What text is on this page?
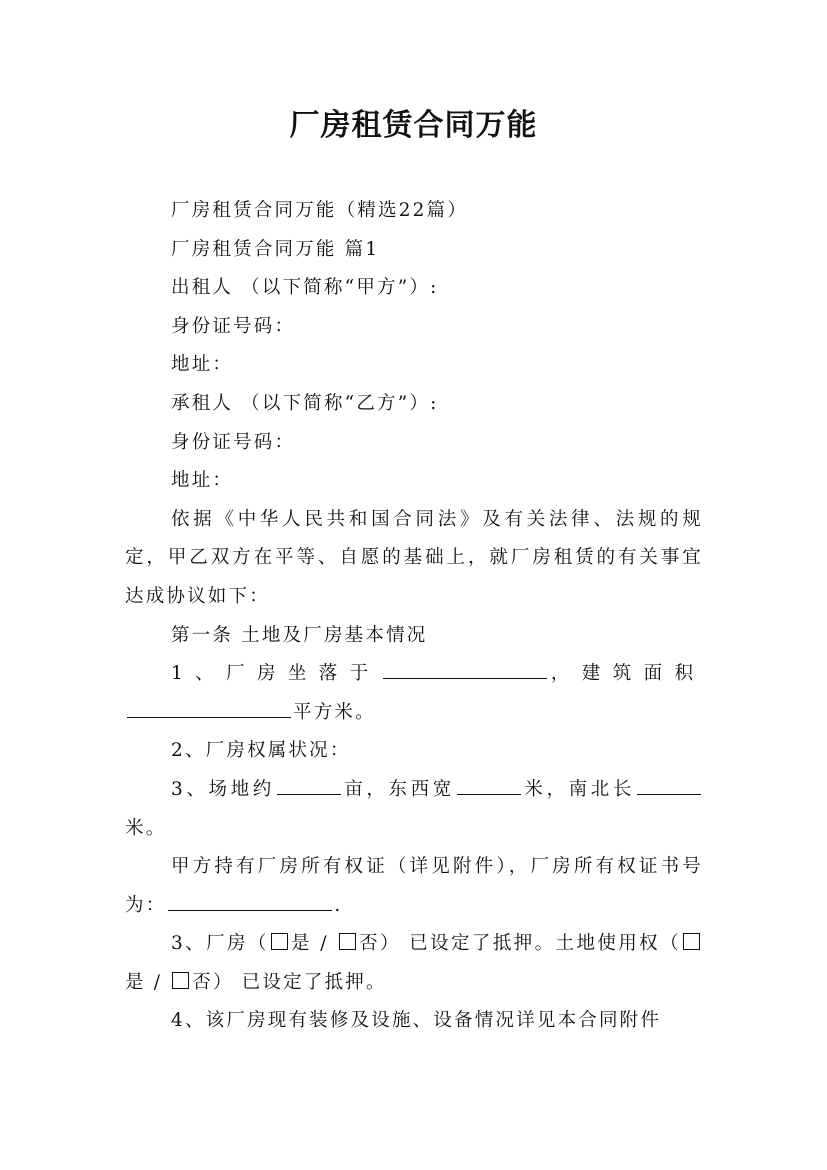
厂房租赁合同万能

厂房租赁合同万能（精选22篇）

厂房租赁合同万能 篇1

出租人 （以下简称“甲方”）:

身份证号码：

地址：

承租人 （以下简称“乙方”）:

身份证号码：

地址：

依据《中华人民共和国合同法》及有关法律、法规的规定，甲乙双方在平等、自愿的基础上，就厂房租赁的有关事宜达成协议如下：

第一条 土地及厂房基本情况

1、厂房坐落于	，建筑面积平方米。

2、厂房权属状况：

3、场地约	亩，东西宽	米，南北长米。

甲方持有厂房所有权证（详见附件），厂房所有权证书号为：	.

3、厂房（ 是 / 否） 已设定了抵押。土地使用权（是 / 否） 已设定了抵押。

4、该厂房现有装修及设施、设备情况详见本合同附件
